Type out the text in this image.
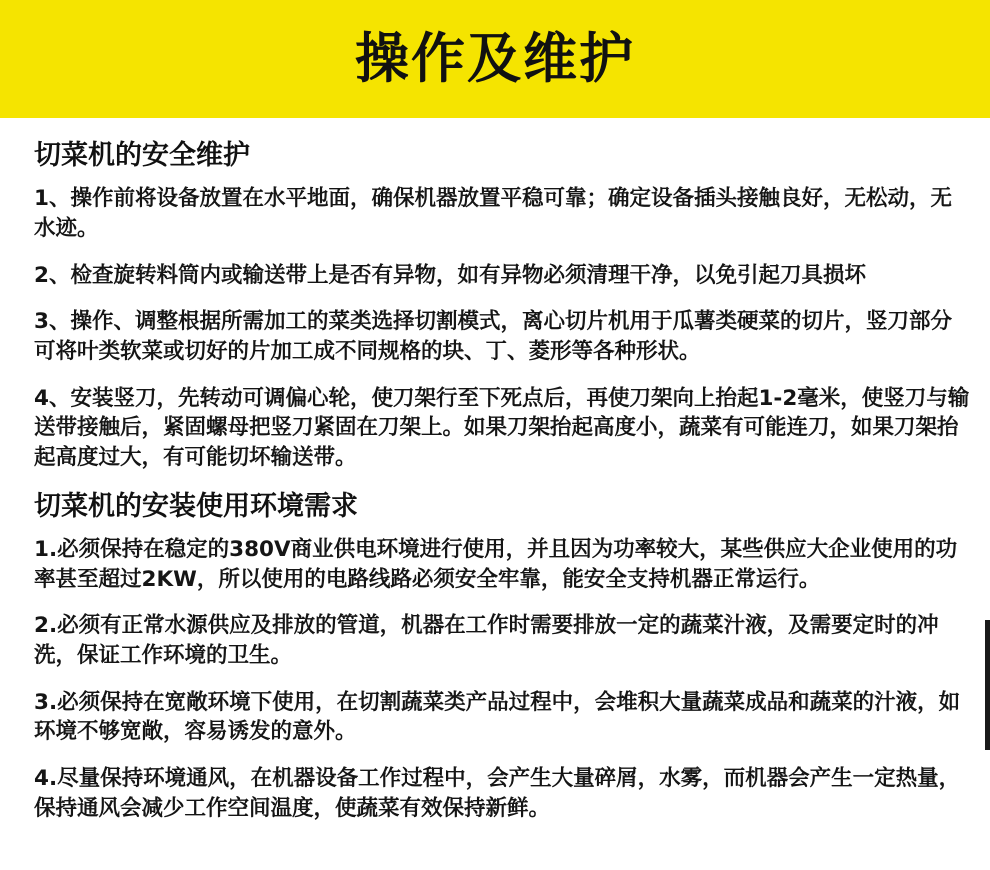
操作及维护
切菜机的安全维护

1、操作前将设备放置在水平地面，确保机器放置平稳可靠；确定设备插头接触良好，无松动，无水迹。

2、检查旋转料筒内或输送带上是否有异物，如有异物必须清理干净，以免引起刀具损坏

3、操作、调整根据所需加工的菜类选择切割模式，离心切片机用于瓜薯类硬菜的切片，竖刀部分可将叶类软菜或切好的片加工成不同规格的块、丁、菱形等各种形状。

4、安装竖刀，先转动可调偏心轮，使刀架行至下死点后，再使刀架向上抬起1-2毫米，使竖刀与输送带接触后，紧固螺母把竖刀紧固在刀架上。如果刀架抬起高度小，蔬菜有可能连刀，如果刀架抬起高度过大，有可能切坏输送带。

切菜机的安装使用环境需求

1.必须保持在稳定的380V商业供电环境进行使用，并且因为功率较大，某些供应大企业使用的功率甚至超过2KW，所以使用的电路线路必须安全牢靠，能安全支持机器正常运行。

2.必须有正常水源供应及排放的管道，机器在工作时需要排放一定的蔬菜汁液，及需要定时的冲洗，保证工作环境的卫生。

3.必须保持在宽敞环境下使用，在切割蔬菜类产品过程中，会堆积大量蔬菜成品和蔬菜的汁液，如环境不够宽敞，容易诱发的意外。

4.尽量保持环境通风，在机器设备工作过程中，会产生大量碎屑，水雾，而机器会产生一定热量，保持通风会减少工作空间温度，使蔬菜有效保持新鲜。
